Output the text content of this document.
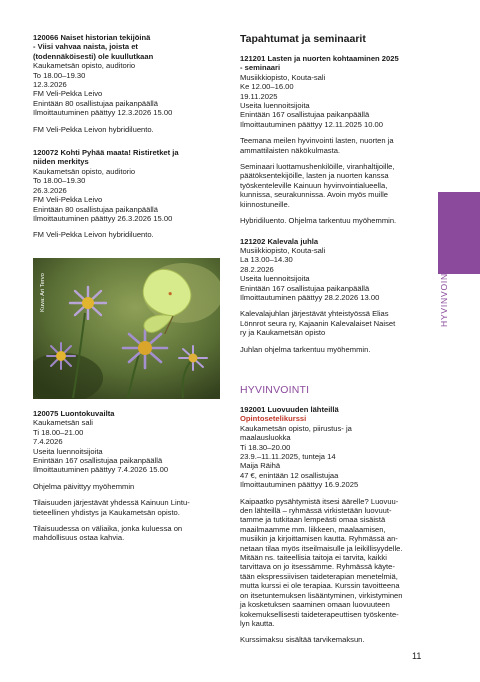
120066 Naiset historian tekijöinä
- Viisi vahvaa naista, joista et
(todennäköisesti) ole kuullutkaan
Kaukametsän opisto, auditorio
To 18.00–19.30
12.3.2026
FM Veli-Pekka Leivo
Enintään 80 osallistujaa paikanpäällä
Ilmoittautuminen päättyy 12.3.2026 15.00
FM Veli-Pekka Leivon hybridiluento.
120072 Kohti Pyhää maata! Ristiretket ja
niiden merkitys
Kaukametsän opisto, auditorio
To 18.00–19.30
26.3.2026
FM Veli-Pekka Leivo
Enintään 80 osallistujaa paikanpäällä
Ilmoittautuminen päättyy 26.3.2026 15.00
FM Veli-Pekka Leivon hybridiluento.
Kuva: Ari Tervo
120075 Luontokuvailta
Kaukametsän sali
Ti 18.00–21.00
7.4.2026
Useita luennoitsijoita
Enintään 167 osallistujaa paikanpäällä
Ilmoittautuminen päättyy 7.4.2026 15.00
Ohjelma päivittyy myöhemmin
Tilaisuuden järjestävät yhdessä Kainuun Lintu-
tieteellinen yhdistys ja Kaukametsän opisto.
Tilaisuudessa on väliaika, jonka kuluessa on
mahdollisuus ostaa kahvia.
Tapahtumat ja seminaarit
121201 Lasten ja nuorten kohtaaminen 2025
- seminaari
Musiikkiopisto, Kouta-sali
Ke 12.00–16.00
19.11.2025
Useita luennoitsijoita
Enintään 167 osallistujaa paikanpäällä
Ilmoittautuminen päättyy 12.11.2025 10.00
Teemana meilen hyvinvointi lasten, nuorten ja
ammattilaisten näkökulmasta.
Seminaari luottamushenkilöille, viranhaltijoille,
päätöksentekijöille, lasten ja nuorten kanssa
työskenteleville Kainuun hyvinvointialueella,
kunnissa, seurakunnissa. Avoin myös muille
kiinnostuneille.
Hybridiluento. Ohjelma tarkentuu myöhemmin.
121202 Kalevala juhla
Musiikkiopisto, Kouta-sali
La 13.00–14.30
28.2.2026
Useita luennoitsijoita
Enintään 167 osallistujaa paikanpäällä
Ilmoittautuminen päättyy 28.2.2026 13.00
Kalevalajuhlan järjestävät yhteistyössä Elias
Lönnrot seura ry, Kajaanin Kalevalaiset Naiset
ry ja Kaukametsän opisto
Juhlan ohjelma tarkentuu myöhemmin.
HYVINVOINTI
192001 Luovuuden lähteillä
Opintosetelikurssi
Kaukametsän opisto, piirustus- ja
maalausluokka
Ti 18.30–20.00
23.9.–11.11.2025, tunteja 14
Maija Räihä
47 €, enintään 12 osallistujaa
Ilmoittautuminen päättyy 16.9.2025
Kaipaatko pysähtymistä itsesi äärelle? Luovuu-
den lähteillä – ryhmässä virkistetään luovuut-
tamme ja tutkitaan lempeästi omaa sisäistä
maailmaamme mm. liikkeen, maalaamisen,
musiikin ja kirjoittamisen kautta. Ryhmässä an-
netaan tilaa myös itseilmaisulle ja leikillisyydelle.
Mitään ns. taiteellisia taitoja ei tarvita, kaikki
tarvittava on jo itsessämme. Ryhmässä käyte-
tään ekspressiivisen taideterapian menetelmiä,
mutta kurssi ei ole terapiaa. Kurssin tavoitteena
on itsetuntemuksen lisääntyminen, virkistyminen
ja kosketuksen saaminen omaan luovuuteen
kokemuksellisesti taideterapeuttisen työskente-
lyn kautta.
Kurssimaksu sisältää tarvikemaksun.
HYVINVOINTI
11
